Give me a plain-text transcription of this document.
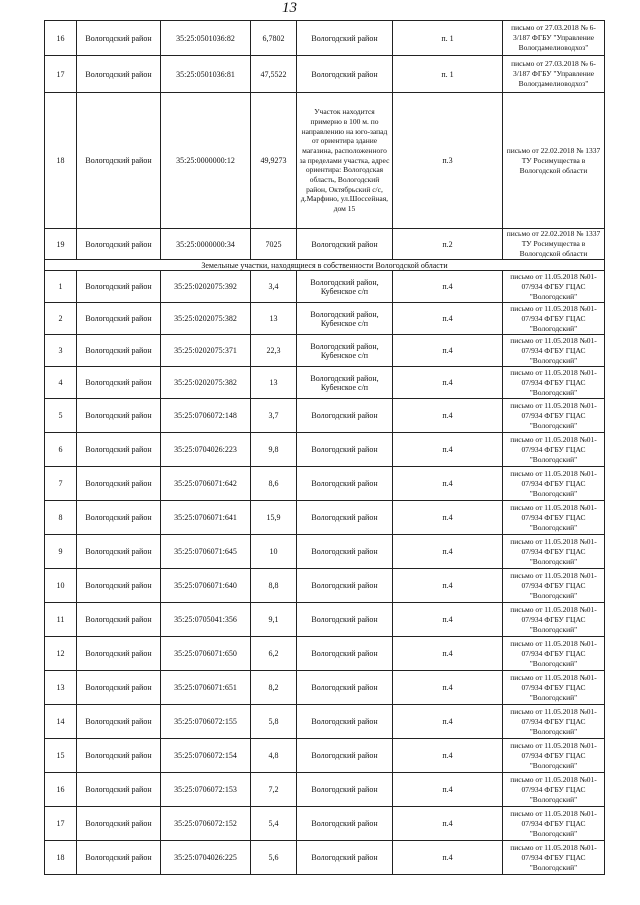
13
16	Вологодский район	35:25:0501036:82	6,7802	Вологодский район	п. 1	письмо от 27.03.2018 № 6-3/187 ФГБУ "Управление Вологдамелиоводхоз"
17	Вологодский район	35:25:0501036:81	47,5522	Вологодский район	п. 1	письмо от 27.03.2018 № 6-3/187 ФГБУ "Управление Вологдамелиоводхоз"
18	Вологодский район	35:25:0000000:12	49,9273	Участок находится примерно в 100 м. по направлению на юго-запад от ориентира здание магазина, расположенного за пределами участка, адрес ориентира: Вологодская область, Вологодский район, Октябрьский с/с, д.Марфино, ул.Шоссейная, дом 15	п.3	письмо от 22.02.2018 № 1337 ТУ Росимущества в Вологодской области
19	Вологодский район	35:25:0000000:34	7025	Вологодский район	п.2	письмо от 22.02.2018 № 1337 ТУ Росимущества в Вологодской области
Земельные участки, находящиеся в собственности Вологодской области						
1	Вологодский район	35:25:0202075:392	3,4	Вологодский район, Кубенское с/п	п.4	письмо от 11.05.2018 №01-07/934 ФГБУ ГЦАС "Вологодский"
2	Вологодский район	35:25:0202075:382	13	Вологодский район, Кубенское с/п	п.4	письмо от 11.05.2018 №01-07/934 ФГБУ ГЦАС "Вологодский"
3	Вологодский район	35:25:0202075:371	22,3	Вологодский район, Кубенское с/п	п.4	письмо от 11.05.2018 №01-07/934 ФГБУ ГЦАС "Вологодский"
4	Вологодский район	35:25:0202075:382	13	Вологодский район, Кубенское с/п	п.4	письмо от 11.05.2018 №01-07/934 ФГБУ ГЦАС "Вологодский"
5	Вологодский район	35:25:0706072:148	3,7	Вологодский район	п.4	письмо от 11.05.2018 №01-07/934 ФГБУ ГЦАС "Вологодский"
6	Вологодский район	35:25:0704026:223	9,8	Вологодский район	п.4	письмо от 11.05.2018 №01-07/934 ФГБУ ГЦАС "Вологодский"
7	Вологодский район	35:25:0706071:642	8,6	Вологодский район	п.4	письмо от 11.05.2018 №01-07/934 ФГБУ ГЦАС "Вологодский"
8	Вологодский район	35:25:0706071:641	15,9	Вологодский район	п.4	письмо от 11.05.2018 №01-07/934 ФГБУ ГЦАС "Вологодский"
9	Вологодский район	35:25:0706071:645	10	Вологодский район	п.4	письмо от 11.05.2018 №01-07/934 ФГБУ ГЦАС "Вологодский"
10	Вологодский район	35:25:0706071:640	8,8	Вологодский район	п.4	письмо от 11.05.2018 №01-07/934 ФГБУ ГЦАС "Вологодский"
11	Вологодский район	35:25:0705041:356	9,1	Вологодский район	п.4	письмо от 11.05.2018 №01-07/934 ФГБУ ГЦАС "Вологодский"
12	Вологодский район	35:25:0706071:650	6,2	Вологодский район	п.4	письмо от 11.05.2018 №01-07/934 ФГБУ ГЦАС "Вологодский"
13	Вологодский район	35:25:0706071:651	8,2	Вологодский район	п.4	письмо от 11.05.2018 №01-07/934 ФГБУ ГЦАС "Вологодский"
14	Вологодский район	35:25:0706072:155	5,8	Вологодский район	п.4	письмо от 11.05.2018 №01-07/934 ФГБУ ГЦАС "Вологодский"
15	Вологодский район	35:25:0706072:154	4,8	Вологодский район	п.4	письмо от 11.05.2018 №01-07/934 ФГБУ ГЦАС "Вологодский"
16	Вологодский район	35:25:0706072:153	7,2	Вологодский район	п.4	письмо от 11.05.2018 №01-07/934 ФГБУ ГЦАС "Вологодский"
17	Вологодский район	35:25:0706072:152	5,4	Вологодский район	п.4	письмо от 11.05.2018 №01-07/934 ФГБУ ГЦАС "Вологодский"
18	Вологодский район	35:25:0704026:225	5,6	Вологодский район	п.4	письмо от 11.05.2018 №01-07/934 ФГБУ ГЦАС "Вологодский"
